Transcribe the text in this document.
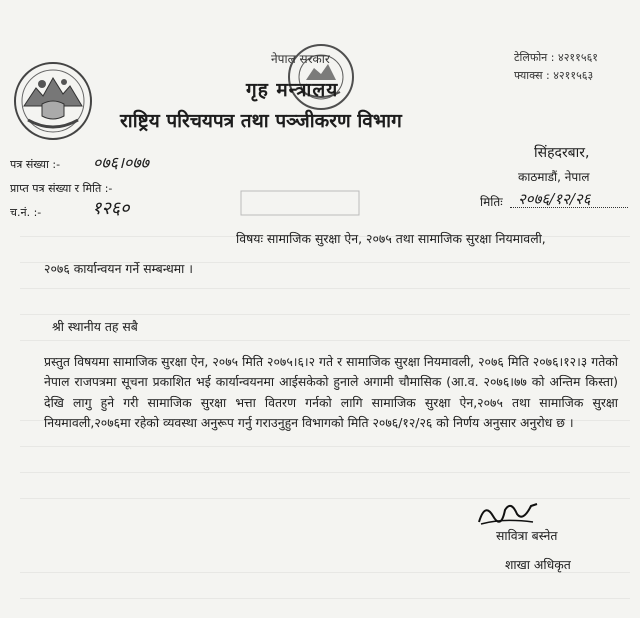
नेपाल सरकार
गृह मन्त्रालय
राष्ट्रिय परिचयपत्र तथा पञ्जीकरण विभाग
टेलिफोन : ४२११५६१
फ्याक्स : ४२११५६३
पत्र संख्या :- ०७६।०७७
प्राप्त पत्र संख्या र मिति :-
च.नं. :-	१२६०
सिंहदरबार,
काठमाडौं, नेपाल
मितिः २०७६/१२/२६
विषयः सामाजिक सुरक्षा ऐन, २०७५ तथा सामाजिक सुरक्षा नियमावली,
२०७६ कार्यान्वयन गर्ने सम्बन्धमा ।
श्री स्थानीय तह सबै
प्रस्तुत विषयमा सामाजिक सुरक्षा ऐन, २०७५ मिति २०७५।६।२ गते र सामाजिक सुरक्षा नियमावली, २०७६ मिति २०७६।१२।३ गतेको नेपाल राजपत्रमा सूचना प्रकाशित भई कार्यान्वयनमा आईसकेको हुनाले अगामी चौमासिक (आ.व. २०७६।७७ को अन्तिम किस्ता) देखि लागु हुने गरी सामाजिक सुरक्षा भत्ता वितरण गर्नको लागि सामाजिक सुरक्षा ऐन,२०७५ तथा सामाजिक सुरक्षा नियमावली,२०७६मा रहेको व्यवस्था अनुरूप गर्नु गराउनुहुन विभागको मिति २०७६/१२/२६ को निर्णय अनुसार अनुरोध छ ।
सावित्रा बस्नेत
शाखा अधिकृत
